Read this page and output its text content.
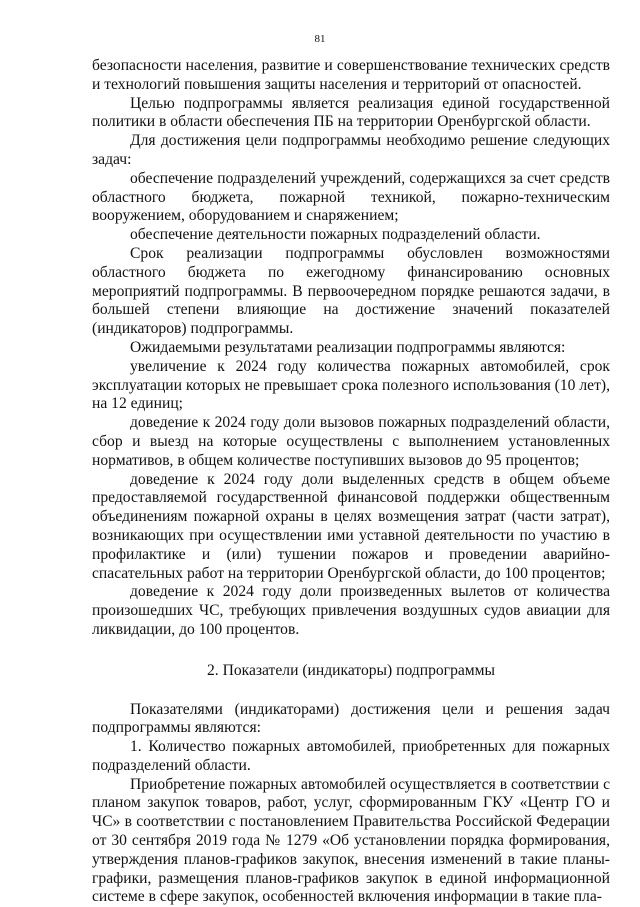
81

безопасности населения, развитие и совершенствование технических средств и технологий повышения защиты населения и территорий от опасностей.

Целью подпрограммы является реализация единой государственной политики в области обеспечения ПБ на территории Оренбургской области.

Для достижения цели подпрограммы необходимо решение следующих задач:

обеспечение подразделений учреждений, содержащихся за счет средств областного бюджета, пожарной техникой, пожарно-техническим вооружением, оборудованием и снаряжением;

обеспечение деятельности пожарных подразделений области.

Срок реализации подпрограммы обусловлен возможностями областного бюджета по ежегодному финансированию основных мероприятий подпрограммы. В первоочередном порядке решаются задачи, в большей степени влияющие на достижение значений показателей (индикаторов) подпрограммы.

Ожидаемыми результатами реализации подпрограммы являются:

увеличение к 2024 году количества пожарных автомобилей, срок эксплуатации которых не превышает срока полезного использования (10 лет), на 12 единиц;

доведение к 2024 году доли вызовов пожарных подразделений области, сбор и выезд на которые осуществлены с выполнением установленных нормативов, в общем количестве поступивших вызовов до 95 процентов;

доведение к 2024 году доли выделенных средств в общем объеме предоставляемой государственной финансовой поддержки общественным объединениям пожарной охраны в целях возмещения затрат (части затрат), возникающих при осуществлении ими уставной деятельности по участию в профилактике и (или) тушении пожаров и проведении аварийно-спасательных работ на территории Оренбургской области, до 100 процентов;

доведение к 2024 году доли произведенных вылетов от количества произошедших ЧС, требующих привлечения воздушных судов авиации для ликвидации, до 100 процентов.

2. Показатели (индикаторы) подпрограммы

Показателями (индикаторами) достижения цели и решения задач подпрограммы являются:

1. Количество пожарных автомобилей, приобретенных для пожарных подразделений области.

Приобретение пожарных автомобилей осуществляется в соответствии с планом закупок товаров, работ, услуг, сформированным ГКУ «Центр ГО и ЧС» в соответствии с постановлением Правительства Российской Федерации от 30 сентября 2019 года № 1279 «Об установлении порядка формирования, утверждения планов-графиков закупок, внесения изменений в такие планы-графики, размещения планов-графиков закупок в единой информационной системе в сфере закупок, особенностей включения информации в такие пла-
